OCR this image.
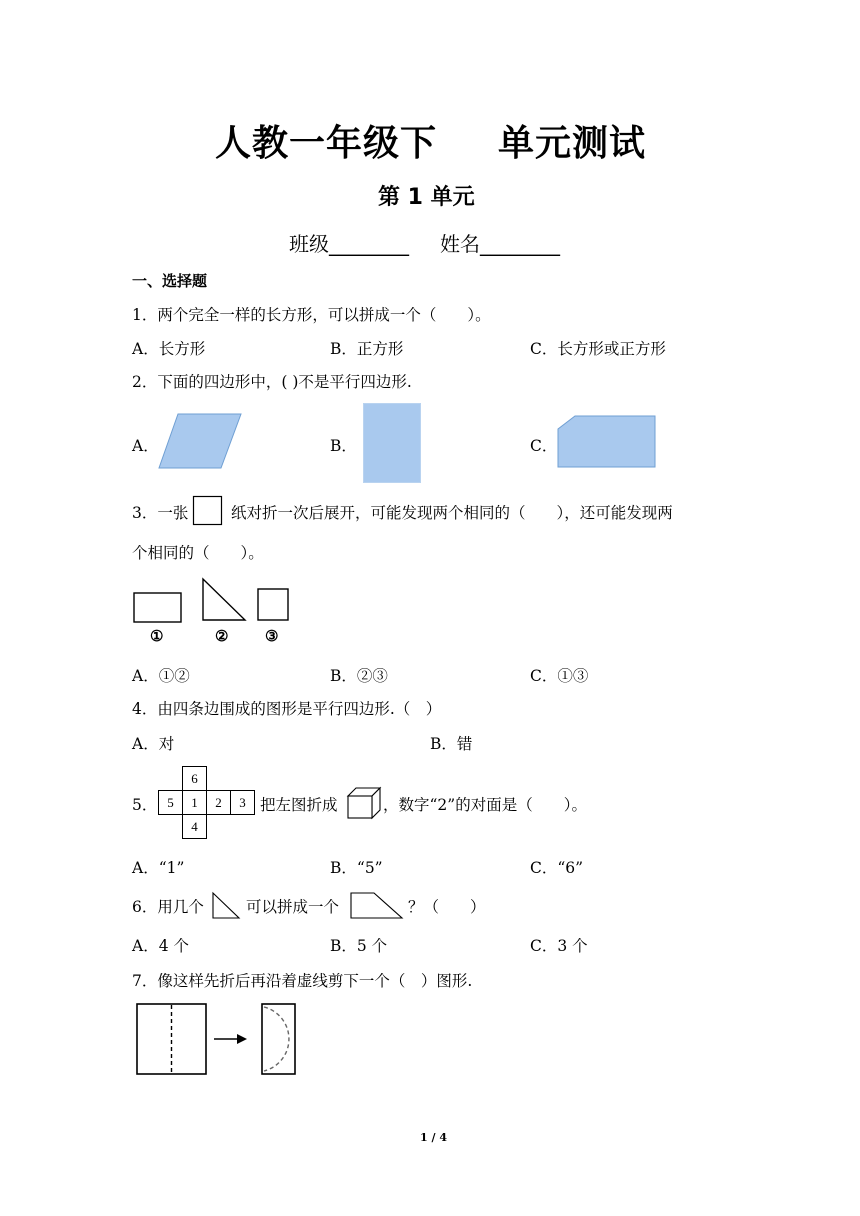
人教一年级下 单元测试
第 1 单元
班级________ 姓名________
一、选择题
1．两个完全一样的长方形，可以拼成一个（　　）。
A．长方形	B．正方形	C．长方形或正方形
2．下面的四边形中，( )不是平行四边形.
A．	B．	C．
3．一张	纸对折一次后展开，可能发现两个相同的（　　），还可能发现两
个相同的（　　）。
①	② ③
A．①②	B．②③	C．①③
4．由四条边围成的图形是平行四边形.（　）
A．对	B．错
5．
6
5 1 2 3
4
把左图折成	，数字“2”的对面是（　　）。
A．“1”	B．“5”	C．“6”
6．用几个	可以拼成一个	？（　　）
A．4 个	B．5 个	C．3 个
7．像这样先折后再沿着虚线剪下一个（　）图形.
1 / 4
